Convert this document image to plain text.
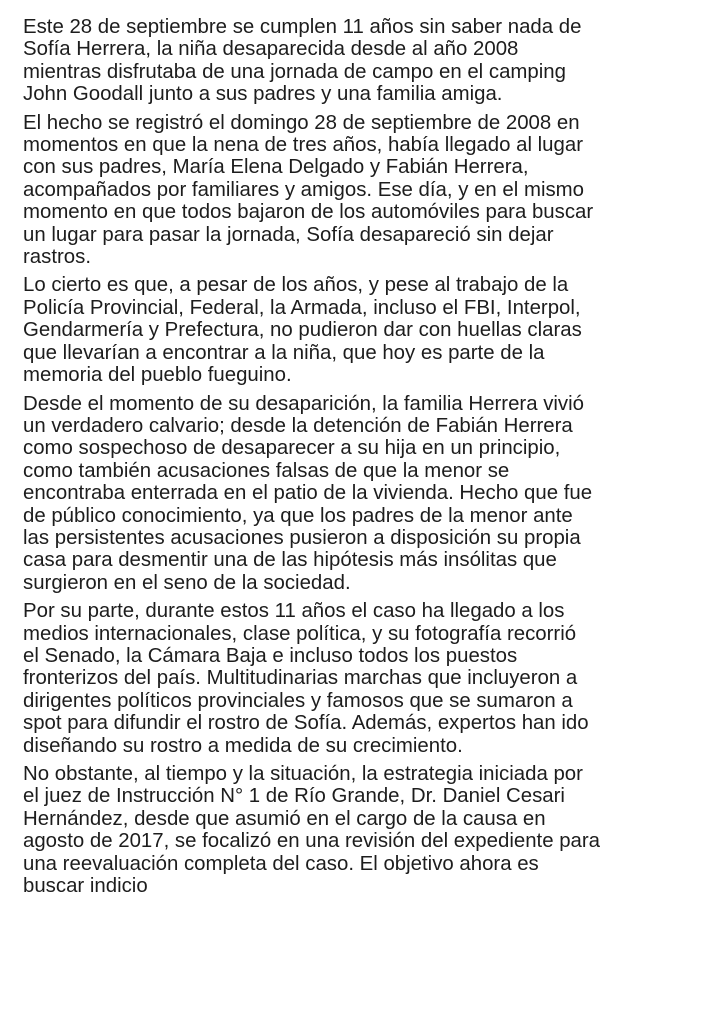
Este 28 de septiembre se cumplen 11 años sin saber nada de
Sofía Herrera, la niña desaparecida desde al año 2008
mientras disfrutaba de una jornada de campo en el camping
John Goodall junto a sus padres y una familia amiga.

El hecho se registró el domingo 28 de septiembre de 2008 en
momentos en que la nena de tres años, había llegado al lugar
con sus padres, María Elena Delgado y Fabián Herrera,
acompañados por familiares y amigos. Ese día, y en el mismo
momento en que todos bajaron de los automóviles para buscar
un lugar para pasar la jornada, Sofía desapareció sin dejar
rastros.

Lo cierto es que, a pesar de los años, y pese al trabajo de la
Policía Provincial, Federal, la Armada, incluso el FBI, Interpol,
Gendarmería y Prefectura, no pudieron dar con huellas claras
que llevarían a encontrar a la niña, que hoy es parte de la
memoria del pueblo fueguino.

Desde el momento de su desaparición, la familia Herrera vivió
un verdadero calvario; desde la detención de Fabián Herrera
como sospechoso de desaparecer a su hija en un principio,
como también acusaciones falsas de que la menor se
encontraba enterrada en el patio de la vivienda. Hecho que fue
de público conocimiento, ya que los padres de la menor ante
las persistentes acusaciones pusieron a disposición su propia
casa para desmentir una de las hipótesis más insólitas que
surgieron en el seno de la sociedad.

Por su parte, durante estos 11 años el caso ha llegado a los
medios internacionales, clase política, y su fotografía recorrió
el Senado, la Cámara Baja e incluso todos los puestos
fronterizos del país. Multitudinarias marchas que incluyeron a
dirigentes políticos provinciales y famosos que se sumaron a
spot para difundir el rostro de Sofía. Además, expertos han ido
diseñando su rostro a medida de su crecimiento.

No obstante, al tiempo y la situación, la estrategia iniciada por
el juez de Instrucción N° 1 de Río Grande, Dr. Daniel Cesari
Hernández, desde que asumió en el cargo de la causa en
agosto de 2017, se focalizó en una revisión del expediente para
una reevaluación completa del caso. El objetivo ahora es
buscar indicio
